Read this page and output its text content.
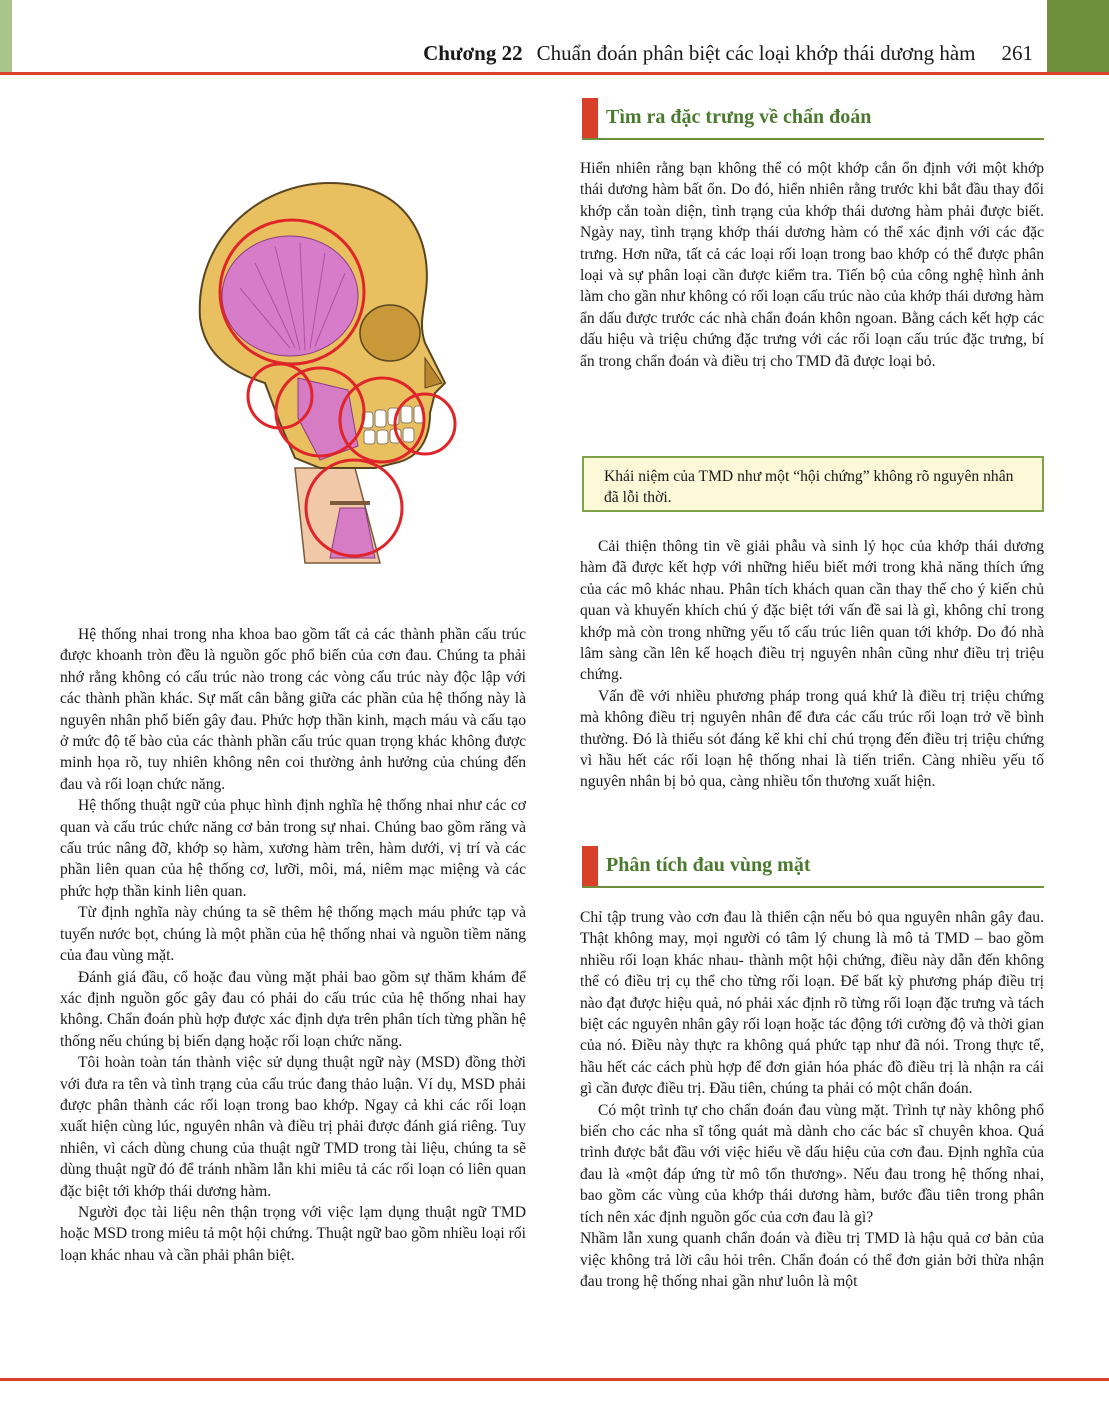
Chương 22 Chuẩn đoán phân biệt các loại khớp thái dương hàm 261

Hệ thống nhai trong nha khoa bao gồm tất cả các thành phần cấu trúc được khoanh tròn đều là nguồn gốc phổ biến của cơn đau. Chúng ta phải nhớ rằng không có cấu trúc nào trong các vòng cấu trúc này độc lập với các thành phần khác. Sự mất cân bằng giữa các phần của hệ thống này là nguyên nhân phổ biến gây đau. Phức hợp thần kinh, mạch máu và cấu tạo ở mức độ tế bào của các thành phần cấu trúc quan trọng khác không được minh họa rõ, tuy nhiên không nên coi thường ảnh hưởng của chúng đến đau và rối loạn chức năng.

Hệ thống thuật ngữ của phục hình định nghĩa hệ thống nhai như các cơ quan và cấu trúc chức năng cơ bản trong sự nhai. Chúng bao gồm răng và cấu trúc nâng đỡ, khớp sọ hàm, xương hàm trên, hàm dưới, vị trí và các phần liên quan của hệ thống cơ, lưỡi, môi, má, niêm mạc miệng và các phức hợp thần kinh liên quan.

Từ định nghĩa này chúng ta sẽ thêm hệ thống mạch máu phức tạp và tuyến nước bọt, chúng là một phần của hệ thống nhai và nguồn tiềm năng của đau vùng mặt.

Đánh giá đầu, cổ hoặc đau vùng mặt phải bao gồm sự thăm khám để xác định nguồn gốc gây đau có phải do cấu trúc của hệ thống nhai hay không. Chẩn đoán phù hợp được xác định dựa trên phân tích từng phần hệ thống nếu chúng bị biến dạng hoặc rối loạn chức năng.

Tôi hoàn toàn tán thành việc sử dụng thuật ngữ này (MSD) đồng thời với đưa ra tên và tình trạng của cấu trúc đang thảo luận. Ví dụ, MSD phải được phân thành các rối loạn trong bao khớp. Ngay cả khi các rối loạn xuất hiện cùng lúc, nguyên nhân và điều trị phải được đánh giá riêng. Tuy nhiên, vì cách dùng chung của thuật ngữ TMD trong tài liệu, chúng ta sẽ dùng thuật ngữ đó để tránh nhầm lẫn khi miêu tả các rối loạn có liên quan đặc biệt tới khớp thái dương hàm.

Người đọc tài liệu nên thận trọng với việc lạm dụng thuật ngữ TMD hoặc MSD trong miêu tả một hội chứng. Thuật ngữ bao gồm nhiều loại rối loạn khác nhau và cần phải phân biệt.

Tìm ra đặc trưng về chẩn đoán

Hiển nhiên rằng bạn không thể có một khớp cắn ổn định với một khớp thái dương hàm bất ổn. Do đó, hiển nhiên rằng trước khi bắt đầu thay đổi khớp cắn toàn diện, tình trạng của khớp thái dương hàm phải được biết. Ngày nay, tình trạng khớp thái dương hàm có thể xác định với các đặc trưng. Hơn nữa, tất cả các loại rối loạn trong bao khớp có thể được phân loại và sự phân loại cần được kiểm tra. Tiến bộ của công nghệ hình ảnh làm cho gần như không có rối loạn cấu trúc nào của khớp thái dương hàm ẩn dấu được trước các nhà chẩn đoán khôn ngoan. Bằng cách kết hợp các dấu hiệu và triệu chứng đặc trưng với các rối loạn cấu trúc đặc trưng, bí ẩn trong chẩn đoán và điều trị cho TMD đã được loại bỏ.

Khái niệm của TMD như một “hội chứng” không rõ nguyên nhân đã lỗi thời.

Cải thiện thông tin về giải phẫu và sinh lý học của khớp thái dương hàm đã được kết hợp với những hiểu biết mới trong khả năng thích ứng của các mô khác nhau. Phân tích khách quan cần thay thế cho ý kiến chủ quan và khuyến khích chú ý đặc biệt tới vấn đề sai là gì, không chỉ trong khớp mà còn trong những yếu tố cấu trúc liên quan tới khớp. Do đó nhà lâm sàng cần lên kế hoạch điều trị nguyên nhân cũng như điều trị triệu chứng.

Vấn đề với nhiều phương pháp trong quá khứ là điều trị triệu chứng mà không điều trị nguyên nhân để đưa các cấu trúc rối loạn trở về bình thường. Đó là thiếu sót đáng kể khi chỉ chú trọng đến điều trị triệu chứng vì hầu hết các rối loạn hệ thống nhai là tiến triển. Càng nhiều yếu tố nguyên nhân bị bỏ qua, càng nhiều tổn thương xuất hiện.

Phân tích đau vùng mặt

Chỉ tập trung vào cơn đau là thiển cận nếu bỏ qua nguyên nhân gây đau. Thật không may, mọi người có tâm lý chung là mô tả TMD – bao gồm nhiều rối loạn khác nhau- thành một hội chứng, điều này dẫn đến không thể có điều trị cụ thể cho từng rối loạn. Để bất kỳ phương pháp điều trị nào đạt được hiệu quả, nó phải xác định rõ từng rối loạn đặc trưng và tách biệt các nguyên nhân gây rối loạn hoặc tác động tới cường độ và thời gian của nó. Điều này thực ra không quá phức tạp như đã nói. Trong thực tế, hầu hết các cách phù hợp để đơn giản hóa phác đồ điều trị là nhận ra cái gì cần được điều trị. Đầu tiên, chúng ta phải có một chẩn đoán.

Có một trình tự cho chẩn đoán đau vùng mặt. Trình tự này không phổ biến cho các nha sĩ tổng quát mà dành cho các bác sĩ chuyên khoa. Quá trình được bắt đầu với việc hiểu về dấu hiệu của cơn đau. Định nghĩa của đau là «một đáp ứng từ mô tổn thương». Nếu đau trong hệ thống nhai, bao gồm các vùng của khớp thái dương hàm, bước đầu tiên trong phân tích nên xác định nguồn gốc của cơn đau là gì?

Nhầm lẫn xung quanh chẩn đoán và điều trị TMD là hậu quả cơ bản của việc không trả lời câu hỏi trên. Chẩn đoán có thể đơn giản bởi thừa nhận đau trong hệ thống nhai gần như luôn là một
